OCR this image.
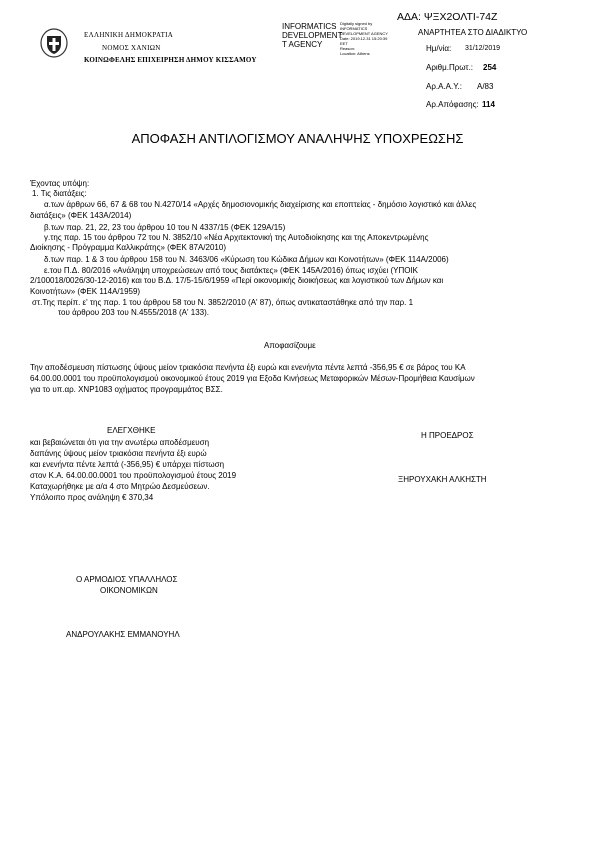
ΕΛΛΗΝΙΚΗ ΔΗΜΟΚΡΑΤΙΑ
ΝΟΜΟΣ ΧΑΝΙΩΝ
ΚΟΙΝΩΦΕΛΗΣ ΕΠΙΧΕΙΡΗΣΗ ΔΗΜΟΥ ΚΙΣΣΑΜΟΥ
INFORMATICS
DEVELOPMENT
T AGENCY
Digitally signed by
INFORMATICS
DEVELOPMENT AGENCY
Date: 2019.12.31 15:20:39
EET
Reason:
Location: Athens
ΑΔΑ: ΨΞΧ2ΟΛΤΙ-74Ζ
ΑΝΑΡΤΗΤΕΑ ΣΤΟ ΔΙΑΔΙΚΤΥΟ
Ημ/νία: 31/12/2019
Αριθμ.Πρωτ.: 254
Αρ.Α.Α.Υ.: Α/83
Αρ.Απόφασης: 114
ΑΠΟΦΑΣΗ ΑΝΤΙΛΟΓΙΣΜΟΥ ΑΝΑΛΗΨΗΣ ΥΠΟΧΡΕΩΣΗΣ
Έχοντας υπόψη:
1. Τις διατάξεις:
α.των άρθρων 66, 67 & 68 του Ν.4270/14 «Αρχές δημοσιονομικής διαχείρισης και εποπτείας - δημόσιο λογιστικό και άλλες
διατάξεις» (ΦΕΚ 143Α/2014)
β.των παρ. 21, 22, 23 του άρθρου 10 του Ν 4337/15 (ΦΕΚ 129Α/15)
γ.της παρ. 15 του άρθρου 72 του Ν. 3852/10 «Νέα Αρχιτεκτονική της Αυτοδιοίκησης και της Αποκεντρωμένης
Διοίκησης - Πρόγραμμα Καλλικράτης» (ΦΕΚ 87Α/2010)
δ.των παρ. 1 & 3 του άρθρου 158 του Ν. 3463/06 «Κύρωση του Κώδικα Δήμων και Κοινοτήτων» (ΦΕΚ 114Α/2006)
ε.του Π.Δ. 80/2016 «Ανάληψη υποχρεώσεων από τους διατάκτες» (ΦΕΚ 145Α/2016) όπως ισχύει (ΥΠΟΙΚ
2/100018/0026/30-12-2016) και του Β.Δ. 17/5-15/6/1959 «Περί οικονομικής διοικήσεως και λογιστικού των Δήμων και
Κοινοτήτων» (ΦΕΚ 114Α/1959)
στ.Της περίπ. ε' της παρ. 1 του άρθρου 58 του Ν. 3852/2010 (Α' 87), όπως αντικαταστάθηκε από την παρ. 1
του άρθρου 203 του Ν.4555/2018 (Α' 133).
Αποφασίζουμε
Την αποδέσμευση πίστωσης ύψους μείον τριακόσια πενήντα έξι ευρώ και ενενήντα πέντε λεπτά -356,95 € σε βάρος του ΚΑ
64.00.00.0001 του προϋπολογισμού οικονομικού έτους 2019 για Εξοδα Κινήσεως Μεταφορικών Μέσων-Προμήθεια Καυσίμων
για το υπ.αρ. ΧΝΡ1083 οχήματος προγραμμάτος ΒΣΣ.
ΕΛΕΓΧΘΗΚΕ
και βεβαιώνεται ότι για την ανωτέρω αποδέσμευση
δαπάνης ύψους μείον τριακόσια πενήντα έξι ευρώ
και ενενήντα πέντε λεπτά (-356,95) € υπάρχει πίστωση
στον Κ.Α. 64.00.00.0001 του προϋπολογισμού έτους 2019
Καταχωρήθηκε με α/α 4 στο Μητρώο Δεσμεύσεων.
Υπόλοιπο προς ανάληψη € 370,34
Η ΠΡΟΕΔΡΟΣ
ΞΗΡΟΥΧΑΚΗ ΑΛΚΗΣΤΗ
Ο ΑΡΜΟΔΙΟΣ ΥΠΑΛΛΗΛΟΣ
ΟΙΚΟΝΟΜΙΚΩΝ
ΑΝΔΡΟΥΛΑΚΗΣ ΕΜΜΑΝΟΥΗΛ
